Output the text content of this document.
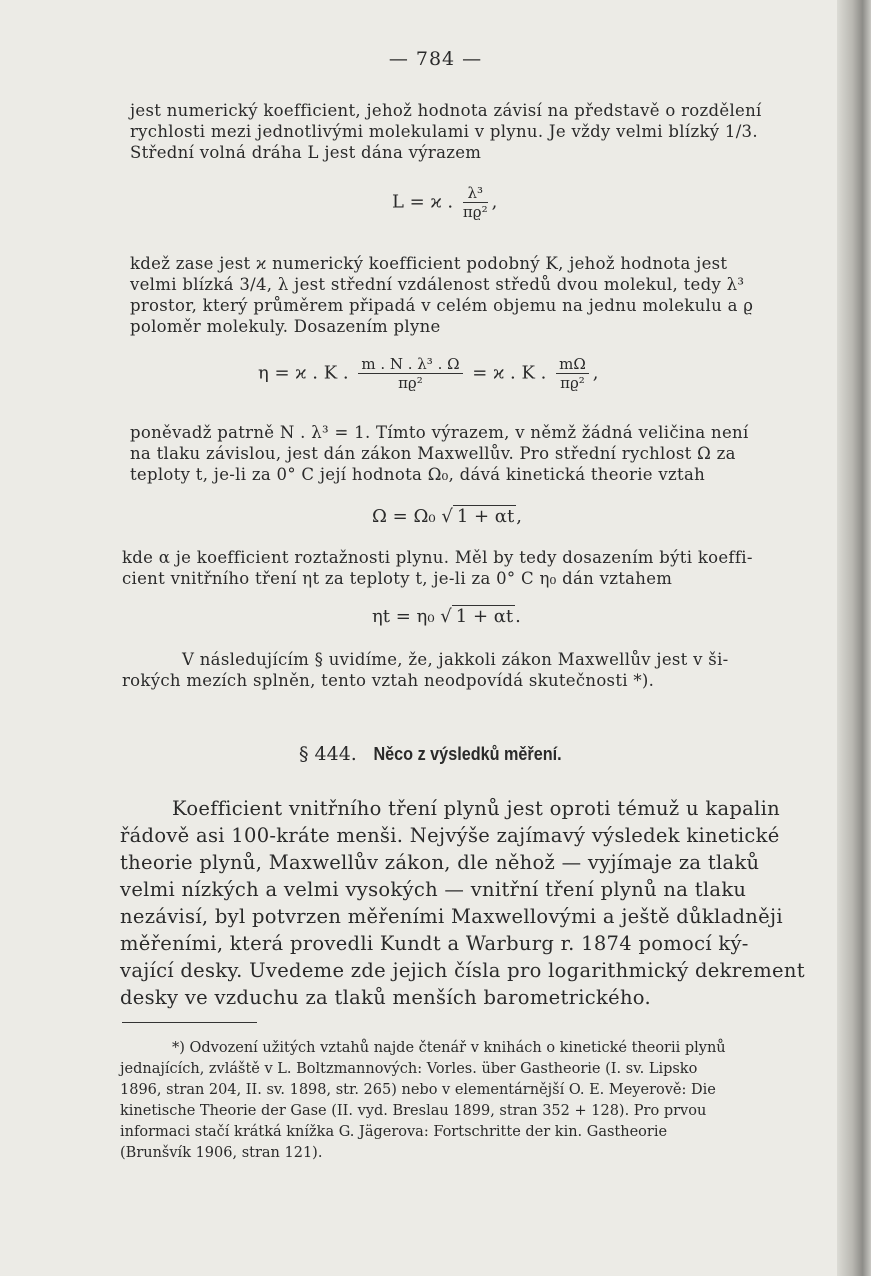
— 784 —
jest numerický koefficient, jehož hodnota závisí na představě o rozdělení
rychlosti mezi jednotlivými molekulami v plynu. Je vždy velmi blízký 1/3.
Střední volná dráha L jest dána výrazem
L = ϰ . $\frac{\text{λ³}}{\text{πϱ²}}$ ,
kdež zase jest ϰ numerický koefficient podobný K, jehož hodnota jest
velmi blízká 3/4, λ jest střední vzdálenost středů dvou molekul, tedy λ³
prostor, který průměrem připadá v celém objemu na jednu molekulu a ϱ
poloměr molekuly. Dosazením plyne
η = ϰ . K . $\frac{\text{m . N . λ³ . Ω}}{\text{πϱ²}} = ϰ$ . K . $\frac{m\Omega}{\text{πϱ²}}$ ,
poněvadž patrně N . λ³ = 1. Tímto výrazem, v němž žádná veličina není
na tlaku závislou, jest dán zákon Maxwellův. Pro střední rychlost Ω za
teploty t, je-li za 0° C její hodnota Ω₀, dává kinetická theorie vztah
Ω = Ω₀ √ 1 + αt ,
kde α je koefficient roztažnosti plynu. Měl by tedy dosazením býti koeffi-
cient vnitřního tření ηt za teploty t, je-li za 0° C η₀ dán vztahem
ηt = η₀ √ 1 + αt .
V následujícím § uvidíme, že, jakkoli zákon Maxwellův jest v ši-
rokých mezích splněn, tento vztah neodpovídá skutečnosti *).
§ 444. Něco z výsledků měření.
Koefficient vnitřního tření plynů jest oproti témuž u kapalin
řádově asi 100-kráte menši. Nejvýše zajímavý výsledek kinetické
theorie plynů, Maxwellův zákon, dle něhož — vyjímaje za tlaků
velmi nízkých a velmi vysokých — vnitřní tření plynů na tlaku
nezávisí, byl potvrzen měřeními Maxwellovými a ještě důkladněji
měřeními, která provedli Kundt a Warburg r. 1874 pomocí ký-
vající desky. Uvedeme zde jejich čísla pro logarithmický dekrement
desky ve vzduchu za tlaků menších barometrického.
*) Odvození užitých vztahů najde čtenář v knihách o kinetické theorii plynů
jednajících, zvláště v L. Boltzmannových: Vorles. über Gastheorie (I. sv. Lipsko
1896, stran 204, II. sv. 1898, str. 265) nebo v elementárnější O. E. Meyerově: Die
kinetische Theorie der Gase (II. vyd. Breslau 1899, stran 352 + 128). Pro prvou
informaci stačí krátká knížka G. Jägerova: Fortschritte der kin. Gastheorie
(Brunšvík 1906, stran 121).
